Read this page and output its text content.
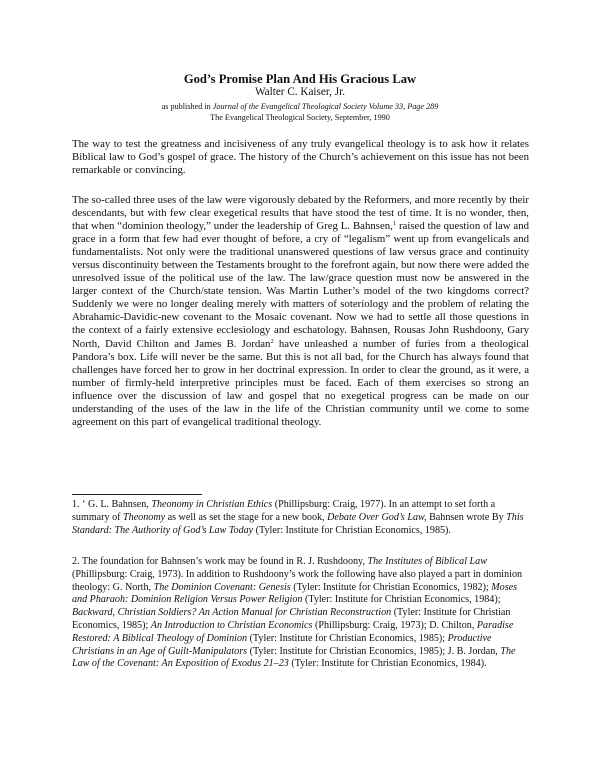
God’s Promise Plan And His Gracious Law
Walter C. Kaiser, Jr.
as published in Journal of the Evangelical Theological Society Volume 33, Page 289
The Evangelical Theological Society, September, 1990

The way to test the greatness and incisiveness of any truly evangelical theology is to ask how it relates Biblical law to God’s gospel of grace. The history of the Church’s achievement on this issue has not been remarkable or convincing.

The so-called three uses of the law were vigorously debated by the Reformers, and more recently by their descendants, but with few clear exegetical results that have stood the test of time. It is no wonder, then, that when “dominion theology,” under the leadership of Greg L. Bahnsen,$^1$ raised the question of law and grace in a form that few had ever thought of before, a cry of “legalism” went up from evangelicals and fundamentalists. Not only were the traditional unanswered questions of law versus grace and continuity versus discontinuity between the Testaments brought to the forefront again, but now there were added the unresolved issue of the political use of the law. The law/grace question must now be answered in the larger context of the Church/state tension. Was Martin Luther’s model of the two kingdoms correct? Suddenly we were no longer dealing merely with matters of soteriology and the problem of relating the Abrahamic-Davidic-new covenant to the Mosaic covenant. Now we had to settle all those questions in the context of a fairly extensive ecclesiology and eschatology. Bahnsen, Rousas John Rushdoony, Gary North, David Chilton and James B. Jordan$^2$ have unleashed a number of furies from a theological Pandora’s box. Life will never be the same. But this is not all bad, for the Church has always found that challenges have forced her to grow in her doctrinal expression. In order to clear the ground, as it were, a number of firmly-held interpretive principles must be faced. Each of them exercises so strong an influence over the discussion of law and gospel that no exegetical progress can be made on our understanding of the uses of the law in the life of the Christian community until we come to some agreement on this part of evangelical traditional theology.

1. ‘ G. L. Bahnsen, Theonomy in Christian Ethics (Phillipsburg: Craig, 1977). In an attempt to set forth a summary of Theonomy as well as set the stage for a new book, Debate Over God’s Law, Bahnsen wrote By This Standard: The Authority of God’s Law Today (Tyler: Institute for Christian Economics, 1985).

2. The foundation for Bahnsen’s work may be found in R. J. Rushdoony, The Institutes of Biblical Law (Phillipsburg: Craig, 1973). In addition to Rushdoony’s work the following have also played a part in dominion theology: G. North, The Dominion Covenant: Genesis (Tyler: Institute for Christian Economics, 1982); Moses and Pharaoh: Dominion Religion Versus Power Religion (Tyler: Institute for Christian Economics, 1984); Backward, Christian Soldiers? An Action Manual for Christian Reconstruction (Tyler: Institute for Christian Economics, 1985); An Introduction to Christian Economics (Phillipsburg: Craig, 1973); D. Chilton, Paradise Restored: A Biblical Theology of Dominion (Tyler: Institute for Christian Economics, 1985); Productive Christians in an Age of Guilt-Manipulators (Tyler: Institute for Christian Economics, 1985); J. B. Jordan, The Law of the Covenant: An Exposition of Exodus 21–23 (Tyler: Institute for Christian Economics, 1984).
